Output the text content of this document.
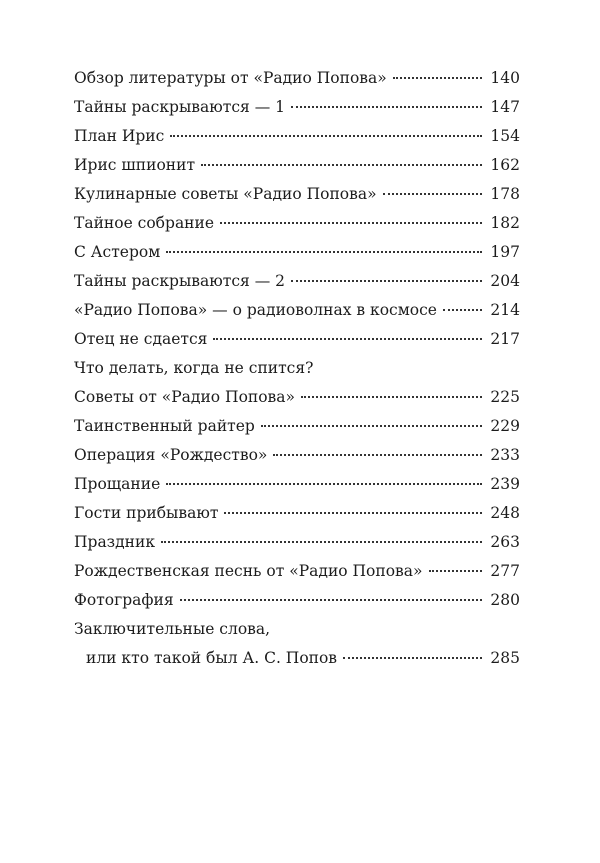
Обзор литературы от «Радио Попова»	140
Тайны раскрываются — 1	147
План Ирис	154
Ирис шпионит	162
Кулинарные советы «Радио Попова»	178
Тайное собрание	182
С Астером	197
Тайны раскрываются — 2	204
«Радио Попова» — о радиоволнах в космосе	214
Отец не сдается	217
Что делать, когда не спится?
Советы от «Радио Попова»	225
Таинственный райтер	229
Операция «Рождество»	233
Прощание	239
Гости прибывают	248
Праздник	263
Рождественская песнь от «Радио Попова»	277
Фотография	280
Заключительные слова,
или кто такой был А. С. Попов	285
